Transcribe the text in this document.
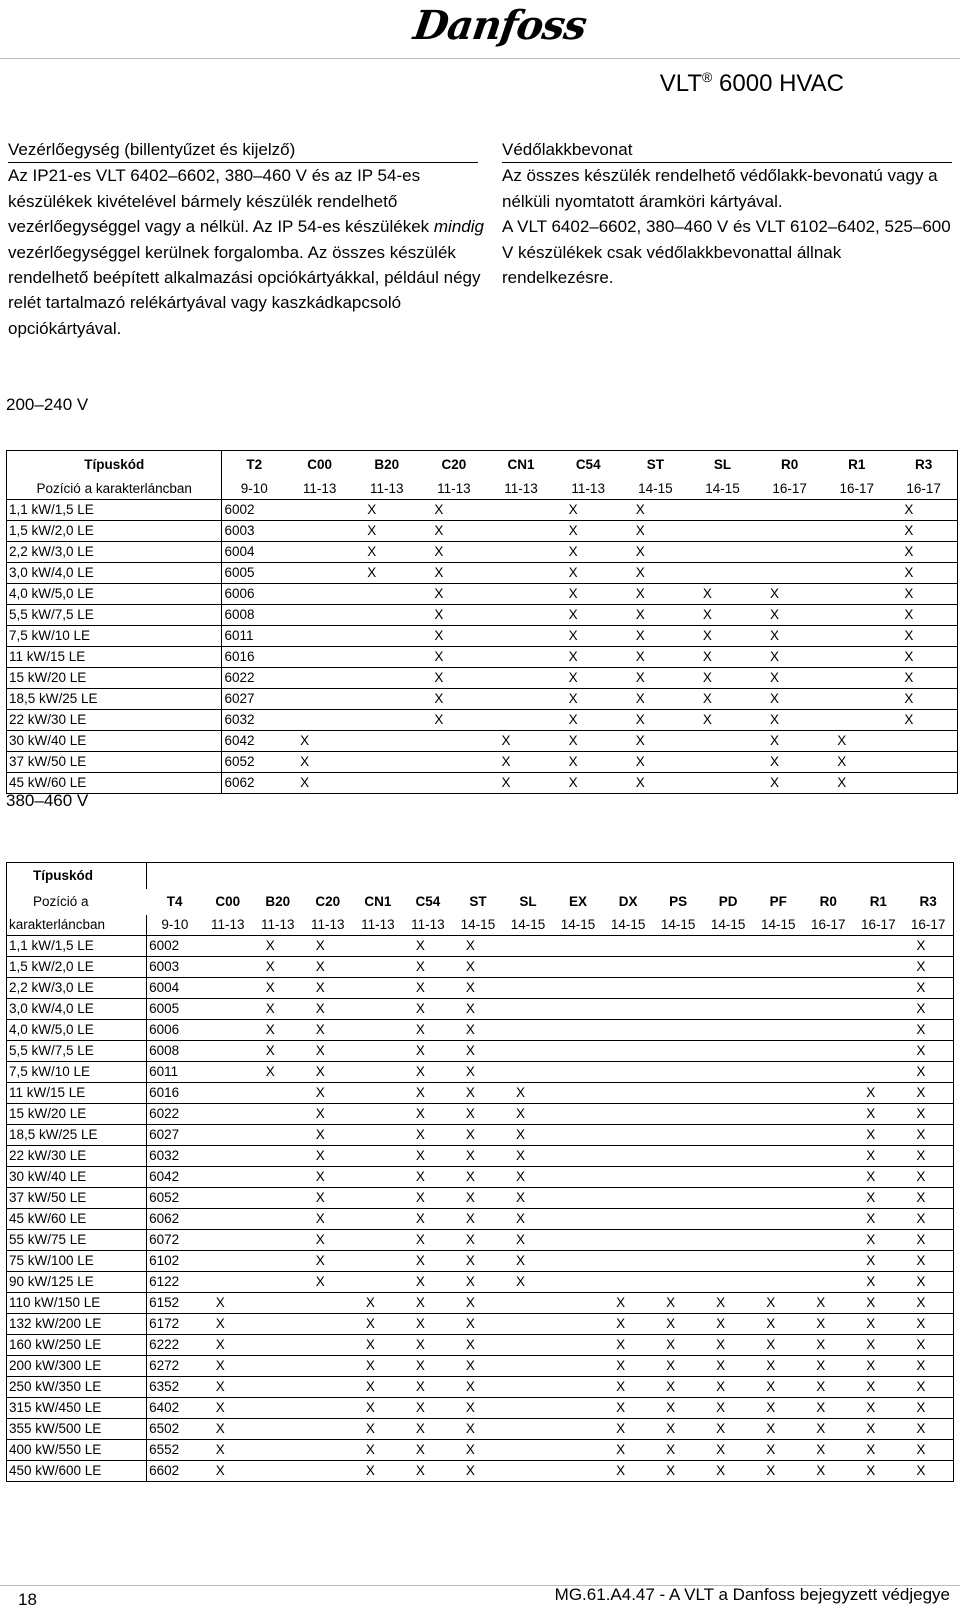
Danfoss
VLT® 6000 HVAC
Vezérlőegység (billentyűzet és kijelző)
Az IP21-es VLT 6402–6602, 380–460 V és az IP 54-es készülékek kivételével bármely készülék rendelhető vezérlőegységgel vagy a nélkül. Az IP 54-es készülékek mindig vezérlőegységgel kerülnek forgalomba. Az összes készülék rendelhető beépített alkalmazási opciókártyákkal, például négy relét tartalmazó relékártyával vagy kaszkádkapcsoló opciókártyával.
Védőlakkbevonat
Az összes készülék rendelhető védőlakk-bevonatú vagy a nélküli nyomtatott áramköri kártyával.
A VLT 6402–6602, 380–460 V és VLT 6102–6402, 525–600 V készülékek csak védőlakkbevonattal állnak rendelkezésre.
200–240 V
Típuskód	T2	C00	B20	C20	CN1	C54	ST	SL	R0	R1	R3
Pozíció a karakterláncban	9-10	11-13	11-13	11-13	11-13	11-13	14-15	14-15	16-17	16-17	16-17
1,1 kW/1,5 LE	6002		X	X		X	X				X
1,5 kW/2,0 LE	6003		X	X		X	X				X
2,2 kW/3,0 LE	6004		X	X		X	X				X
3,0 kW/4,0 LE	6005		X	X		X	X				X
4,0 kW/5,0 LE	6006			X		X	X	X	X		X
5,5 kW/7,5 LE	6008			X		X	X	X	X		X
7,5 kW/10 LE	6011			X		X	X	X	X		X
11 kW/15 LE	6016			X		X	X	X	X		X
15 kW/20 LE	6022			X		X	X	X	X		X
18,5 kW/25 LE	6027			X		X	X	X	X		X
22 kW/30 LE	6032			X		X	X	X	X		X
30 kW/40 LE	6042	X			X	X	X		X	X	
37 kW/50 LE	6052	X			X	X	X		X	X	
45 kW/60 LE	6062	X			X	X	X		X	X	
380–460 V
Típuskód																
Pozíció a	T4	C00	B20	C20	CN1	C54	ST	SL	EX	DX	PS	PD	PF	R0	R1	R3
karakterláncban	9-10	11-13	11-13	11-13	11-13	11-13	14-15	14-15	14-15	14-15	14-15	14-15	14-15	16-17	16-17	16-17
1,1 kW/1,5 LE	6002		X	X		X	X									X
1,5 kW/2,0 LE	6003		X	X		X	X									X
2,2 kW/3,0 LE	6004		X	X		X	X									X
3,0 kW/4,0 LE	6005		X	X		X	X									X
4,0 kW/5,0 LE	6006		X	X		X	X									X
5,5 kW/7,5 LE	6008		X	X		X	X									X
7,5 kW/10 LE	6011		X	X		X	X									X
11 kW/15 LE	6016			X		X	X	X							X	X
15 kW/20 LE	6022			X		X	X	X							X	X
18,5 kW/25 LE	6027			X		X	X	X							X	X
22 kW/30 LE	6032			X		X	X	X							X	X
30 kW/40 LE	6042			X		X	X	X							X	X
37 kW/50 LE	6052			X		X	X	X							X	X
45 kW/60 LE	6062			X		X	X	X							X	X
55 kW/75 LE	6072			X		X	X	X							X	X
75 kW/100 LE	6102			X		X	X	X							X	X
90 kW/125 LE	6122			X		X	X	X							X	X
110 kW/150 LE	6152	X			X	X	X			X	X	X	X	X	X	X
132 kW/200 LE	6172	X			X	X	X			X	X	X	X	X	X	X
160 kW/250 LE	6222	X			X	X	X			X	X	X	X	X	X	X
200 kW/300 LE	6272	X			X	X	X			X	X	X	X	X	X	X
250 kW/350 LE	6352	X			X	X	X			X	X	X	X	X	X	X
315 kW/450 LE	6402	X			X	X	X			X	X	X	X	X	X	X
355 kW/500 LE	6502	X			X	X	X			X	X	X	X	X	X	X
400 kW/550 LE	6552	X			X	X	X			X	X	X	X	X	X	X
450 kW/600 LE	6602	X			X	X	X			X	X	X	X	X	X	X
18	MG.61.A4.47 - A VLT a Danfoss bejegyzett védjegye
